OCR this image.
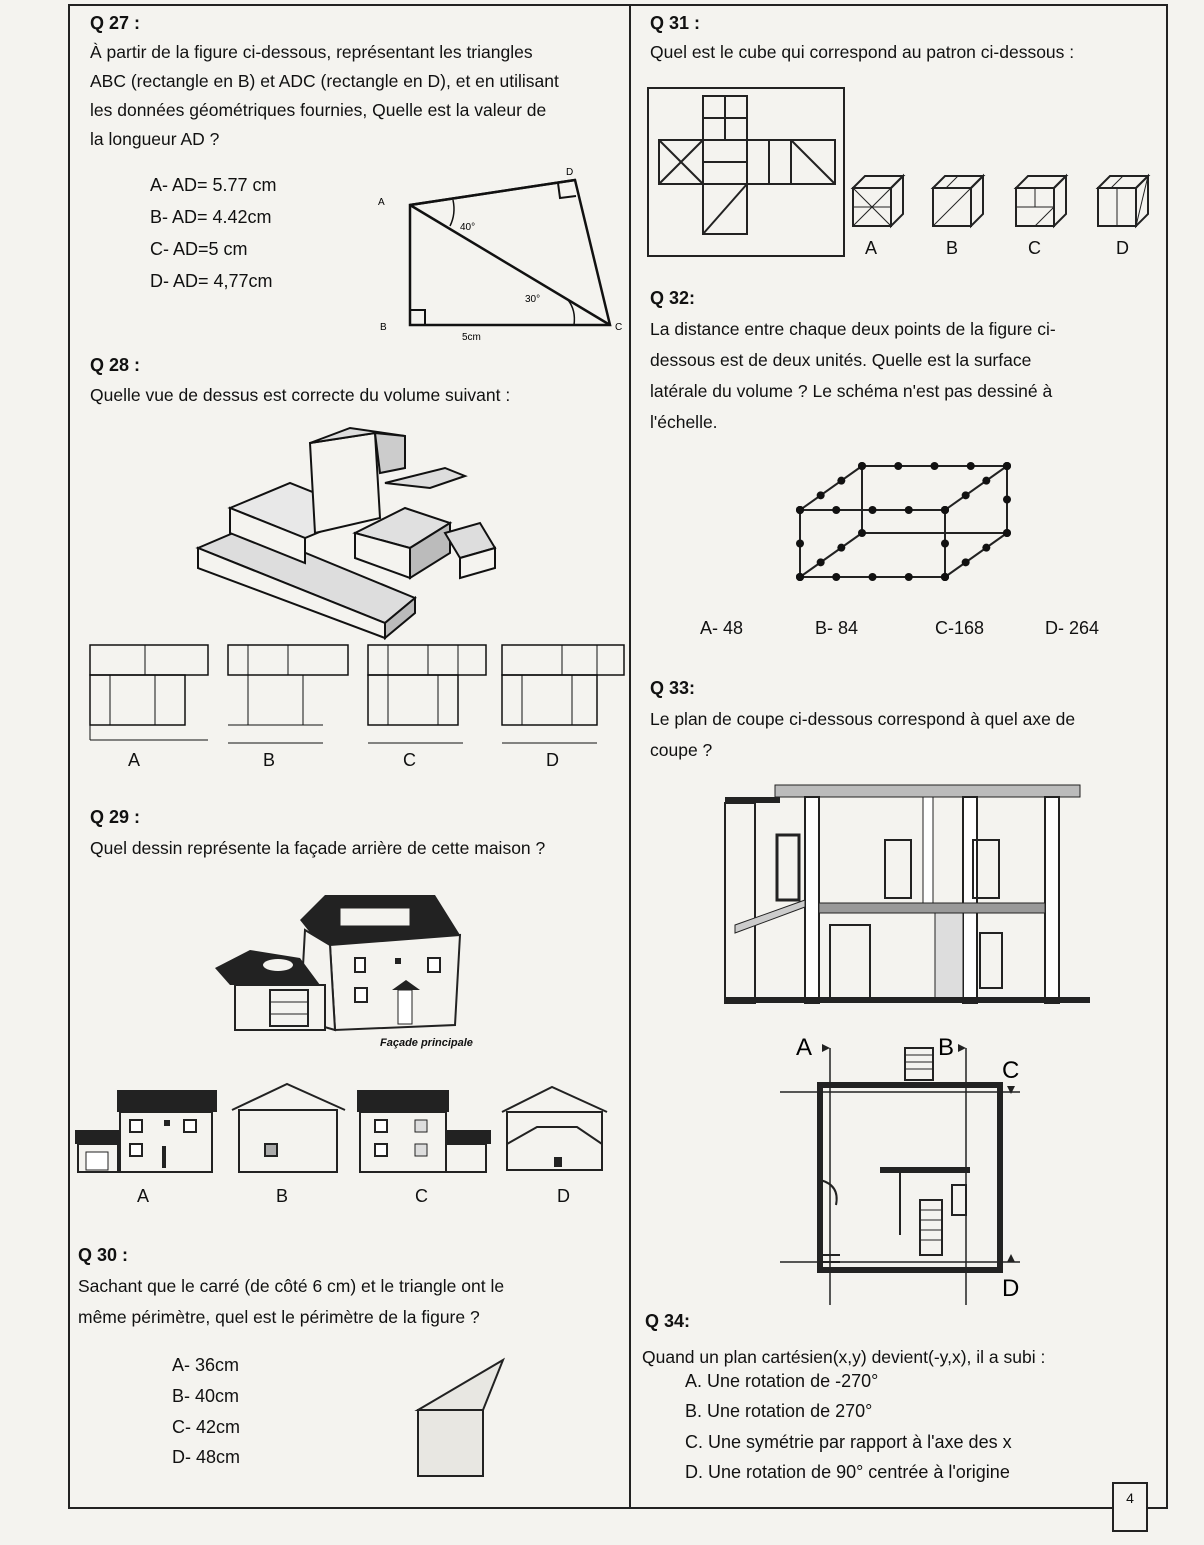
Q 27 :
À partir de la figure ci-dessous, représentant les triangles
ABC (rectangle en B) et ADC (rectangle en D), et en utilisant
les données géométriques fournies, Quelle est la valeur de
la longueur AD ?
A- AD= 5.77 cm
B- AD= 4.42cm
C- AD=5 cm
D- AD= 4,77cm
A
B	C
D
40°
30°
5cm
Q 28 :
Quelle vue de dessus est correcte du volume suivant :
A	B	C	D
Q 29 :
Quel dessin représente la façade arrière de cette maison ?
Façade principale
A	B	C	D
Q 30 :
Sachant que le carré (de côté 6 cm) et le triangle ont le
même périmètre, quel est le périmètre de la figure ?
A- 36cm
B- 40cm
C- 42cm
D- 48cm
Q 31 :
Quel est le cube qui correspond au patron ci-dessous :
A	B	C	D
Q 32:
La distance entre chaque deux points de la figure ci-
dessous est de deux unités. Quelle est la surface
latérale du volume ? Le schéma n'est pas dessiné à
l'échelle.
A- 48	B- 84	C-168	D- 264
Q 33:
Le plan de coupe ci-dessous correspond à quel axe de
coupe ?
A	B
C
D
Q 34:
Quand un plan cartésien(x,y) devient(-y,x), il a subi :
A. Une rotation de -270°
B. Une rotation de 270°
C. Une symétrie par rapport à l'axe des x
D. Une rotation de 90° centrée à l'origine
4
